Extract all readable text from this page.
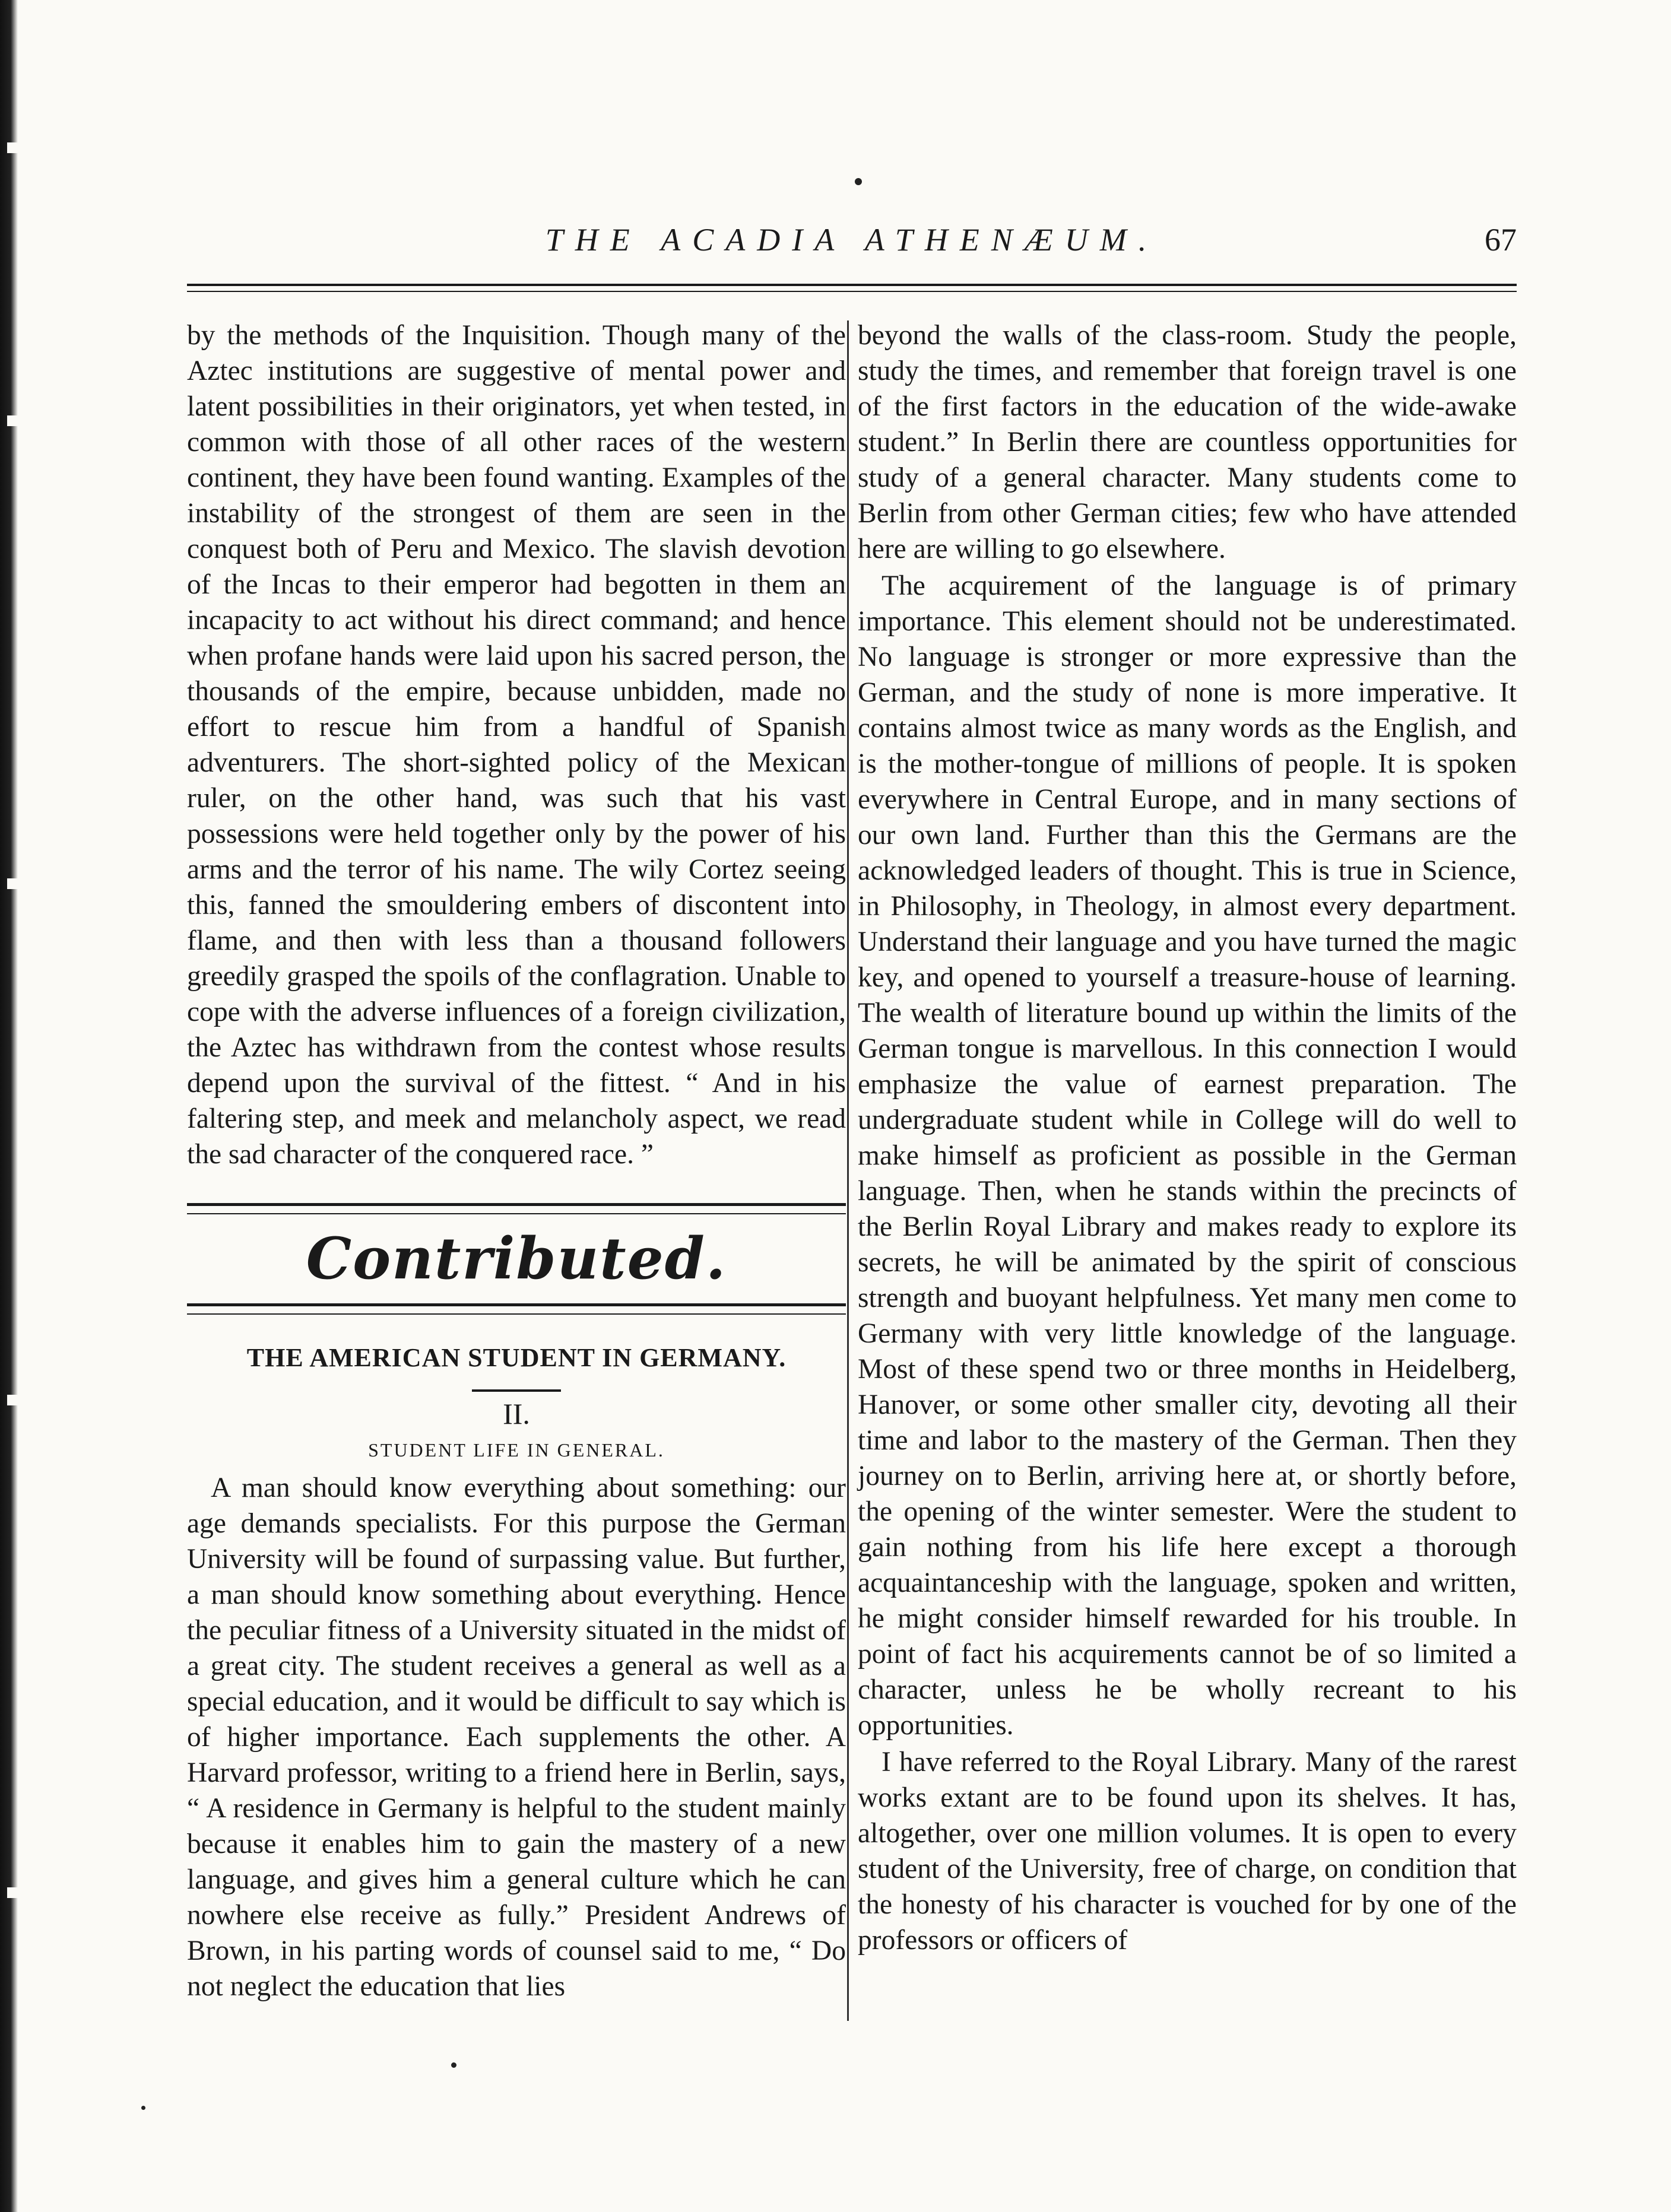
THE ACADIA ATHENÆUM.	67

by the methods of the Inquisition. Though many of the Aztec institutions are suggestive of mental power and latent possibilities in their originators, yet when tested, in common with those of all other races of the western continent, they have been found wanting. Examples of the instability of the strongest of them are seen in the conquest both of Peru and Mexico. The slavish devotion of the Incas to their emperor had begotten in them an incapacity to act without his direct command; and hence when profane hands were laid upon his sacred person, the thousands of the empire, because unbidden, made no effort to rescue him from a handful of Spanish adventurers. The short-sighted policy of the Mexican ruler, on the other hand, was such that his vast possessions were held together only by the power of his arms and the terror of his name. The wily Cortez seeing this, fanned the smouldering embers of discontent into flame, and then with less than a thousand followers greedily grasped the spoils of the conflagration. Unable to cope with the adverse influences of a foreign civilization, the Aztec has withdrawn from the contest whose results depend upon the survival of the fittest. “ And in his faltering step, and meek and melancholy aspect, we read the sad character of the conquered race. ”

Contributed.
THE AMERICAN STUDENT IN GERMANY.
II.
STUDENT LIFE IN GENERAL.

A man should know everything about something: our age demands specialists. For this purpose the German University will be found of surpassing value. But further, a man should know something about everything. Hence the peculiar fitness of a University situated in the midst of a great city. The student receives a general as well as a special education, and it would be difficult to say which is of higher importance. Each supplements the other. A Harvard professor, writing to a friend here in Berlin, says, “ A residence in Germany is helpful to the student mainly because it enables him to gain the mastery of a new language, and gives him a general culture which he can nowhere else receive as fully.” President Andrews of Brown, in his parting words of counsel said to me, “ Do not neglect the education that lies

beyond the walls of the class-room. Study the people, study the times, and remember that foreign travel is one of the first factors in the education of the wide-awake student.” In Berlin there are countless opportunities for study of a general character. Many students come to Berlin from other German cities; few who have attended here are willing to go elsewhere.

The acquirement of the language is of primary importance. This element should not be underestimated. No language is stronger or more expressive than the German, and the study of none is more imperative. It contains almost twice as many words as the English, and is the mother-tongue of millions of people. It is spoken everywhere in Central Europe, and in many sections of our own land. Further than this the Germans are the acknowledged leaders of thought. This is true in Science, in Philosophy, in Theology, in almost every department. Understand their language and you have turned the magic key, and opened to yourself a treasure-house of learning. The wealth of literature bound up within the limits of the German tongue is marvellous. In this connection I would emphasize the value of earnest preparation. The undergraduate student while in College will do well to make himself as proficient as possible in the German language. Then, when he stands within the precincts of the Berlin Royal Library and makes ready to explore its secrets, he will be animated by the spirit of conscious strength and buoyant helpfulness. Yet many men come to Germany with very little knowledge of the language. Most of these spend two or three months in Heidelberg, Hanover, or some other smaller city, devoting all their time and labor to the mastery of the German. Then they journey on to Berlin, arriving here at, or shortly before, the opening of the winter semester. Were the student to gain nothing from his life here except a thorough acquaintanceship with the language, spoken and written, he might consider himself rewarded for his trouble. In point of fact his acquirements cannot be of so limited a character, unless he be wholly recreant to his opportunities.

I have referred to the Royal Library. Many of the rarest works extant are to be found upon its shelves. It has, altogether, over one million volumes. It is open to every student of the University, free of charge, on condition that the honesty of his character is vouched for by one of the professors or officers of
